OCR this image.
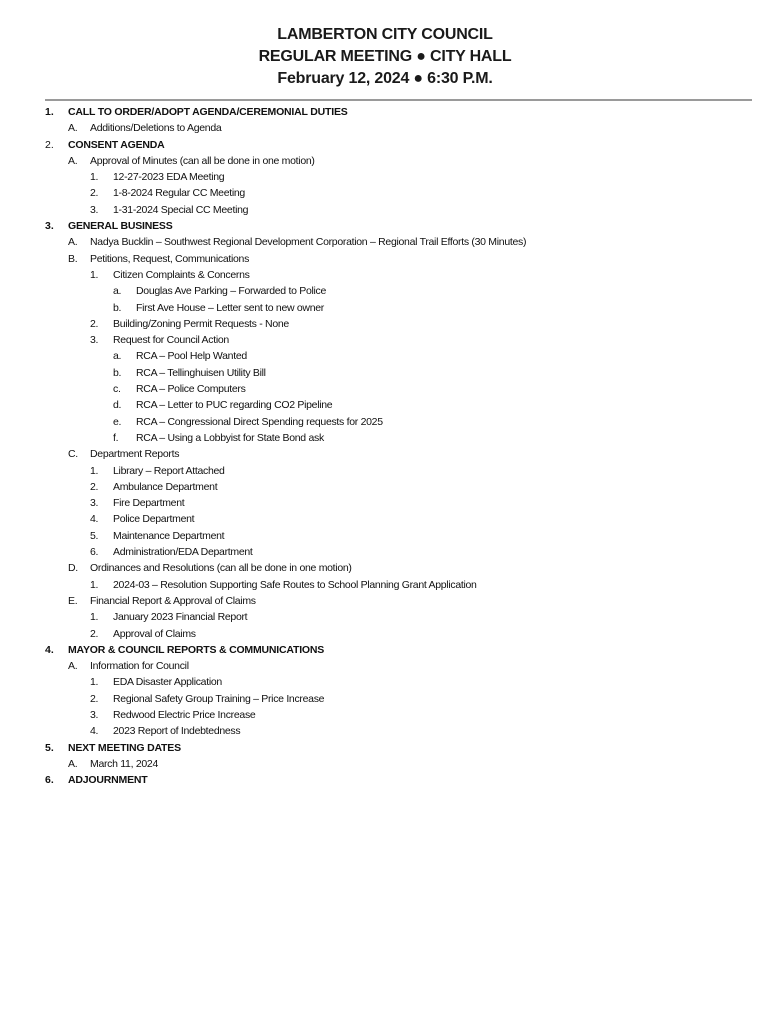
LAMBERTON CITY COUNCIL
REGULAR MEETING ● CITY HALL
February 12, 2024 ● 6:30 P.M.
1. CALL TO ORDER/ADOPT AGENDA/CEREMONIAL DUTIES
A. Additions/Deletions to Agenda
2. CONSENT AGENDA
A. Approval of Minutes (can all be done in one motion)
1. 12-27-2023 EDA Meeting
2. 1-8-2024 Regular CC Meeting
3. 1-31-2024 Special CC Meeting
3. GENERAL BUSINESS
A. Nadya Bucklin – Southwest Regional Development Corporation – Regional Trail Efforts (30 Minutes)
B. Petitions, Request, Communications
1. Citizen Complaints & Concerns
a. Douglas Ave Parking – Forwarded to Police
b. First Ave House – Letter sent to new owner
2. Building/Zoning Permit Requests - None
3. Request for Council Action
a. RCA – Pool Help Wanted
b. RCA – Tellinghuisen Utility Bill
c. RCA – Police Computers
d. RCA – Letter to PUC regarding CO2 Pipeline
e. RCA – Congressional Direct Spending requests for 2025
f. RCA – Using a Lobbyist for State Bond ask
C. Department Reports
1. Library – Report Attached
2. Ambulance Department
3. Fire Department
4. Police Department
5. Maintenance Department
6. Administration/EDA Department
D. Ordinances and Resolutions (can all be done in one motion)
1. 2024-03 – Resolution Supporting Safe Routes to School Planning Grant Application
E. Financial Report & Approval of Claims
1. January 2023 Financial Report
2. Approval of Claims
4. MAYOR & COUNCIL REPORTS & COMMUNICATIONS
A. Information for Council
1. EDA Disaster Application
2. Regional Safety Group Training – Price Increase
3. Redwood Electric Price Increase
4. 2023 Report of Indebtedness
5. NEXT MEETING DATES
A. March 11, 2024
6. ADJOURNMENT
